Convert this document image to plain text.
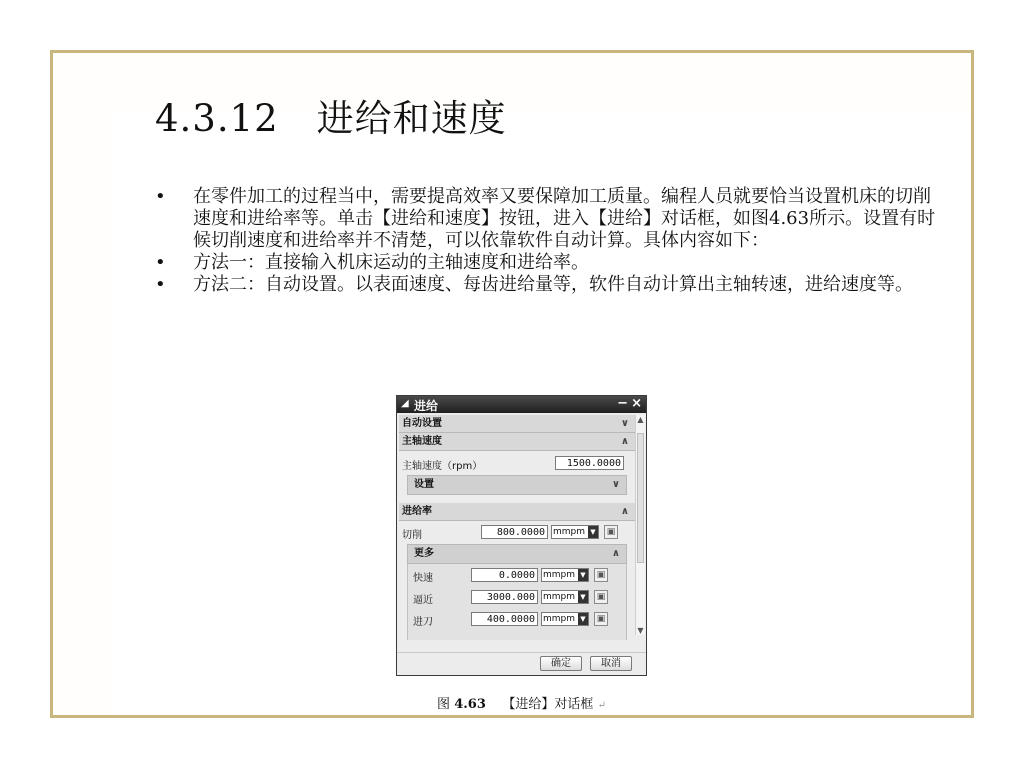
4.3.12　进给和速度
• 在零件加工的过程当中，需要提高效率又要保障加工质量。编程人员就要恰当设置机床的切削速度和进给率等。单击【进给和速度】按钮，进入【进给】对话框，如图4.63所示。设置有时候切削速度和进给率并不清楚，可以依靠软件自动计算。具体内容如下：
• 方法一：直接输入机床运动的主轴速度和进给率。
• 方法二：自动设置。以表面速度、每齿进给量等，软件自动计算出主轴转速，进给速度等。
◢ 进给	− ×
自动设置	∨
主轴速度	∧
主轴速度（rpm）	1500.0000
设置	∨
进给率	∧
切削	800.0000 mmpm ▼	▣
更多	∧
快速	0.0000 mmpm ▼	▣
逼近	3000.000 mmpm ▼	▣
进刀	400.0000 mmpm ▼	▣
▲
▼
确定	取消
图 4.63 【进给】对话框 ↵
